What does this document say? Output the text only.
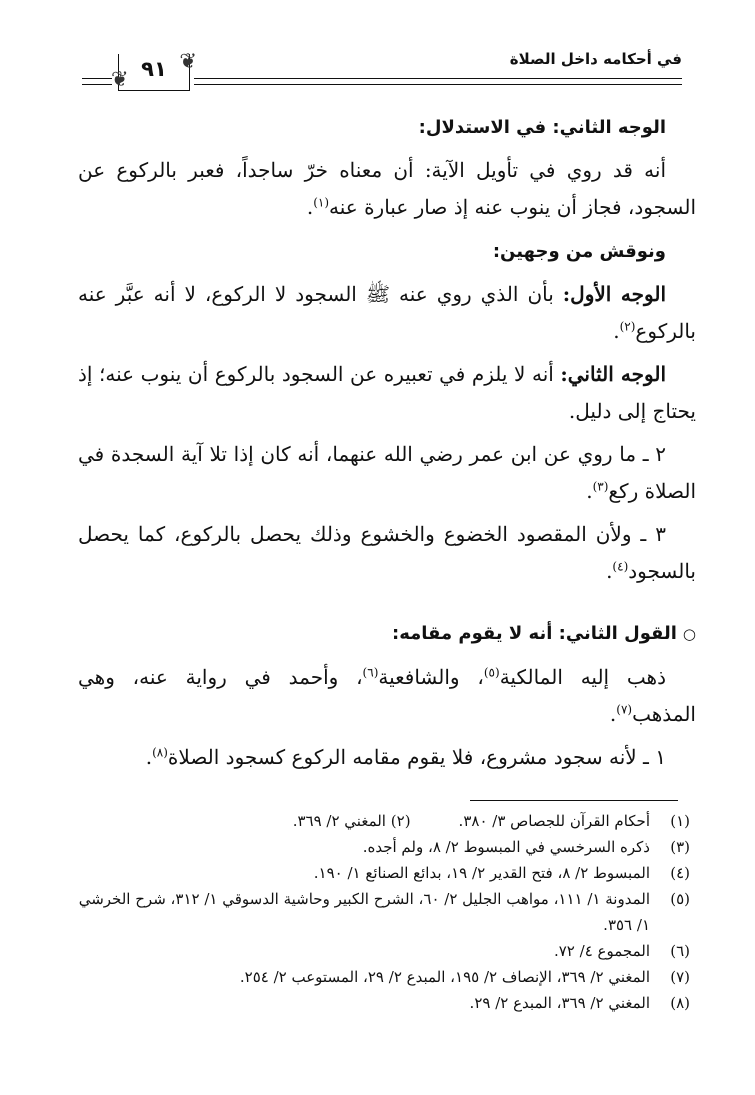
في أحكامه داخل الصلاة
٩١ ❦
❦

الوجه الثاني: في الاستدلال:

أنه قد روي في تأويل الآية: أن معناه خرّ ساجداً، فعبر بالركوع عن السجود، فجاز أن ينوب عنه إذ صار عبارة عنه$^{(١)}$.

ونوقش من وجهين:

الوجه الأول: بأن الذي روي عنه ﷺ السجود لا الركوع، لا أنه عبَّر عنه بالركوع$^{(٢)}$.

الوجه الثاني: أنه لا يلزم في تعبيره عن السجود بالركوع أن ينوب عنه؛ إذ يحتاج إلى دليل.

٢ ـ ما روي عن ابن عمر رضي الله عنهما، أنه كان إذا تلا آية السجدة في الصلاة ركع$^{(٣)}$.

٣ ـ ولأن المقصود الخضوع والخشوع وذلك يحصل بالركوع، كما يحصل بالسجود$^{(٤)}$.

○القول الثاني: أنه لا يقوم مقامه:

ذهب إليه المالكية$^{(٥)}$، والشافعية$^{(٦)}$، وأحمد في رواية عنه، وهي المذهب$^{(٧)}$.

١ ـ لأنه سجود مشروع، فلا يقوم مقامه الركوع كسجود الصلاة$^{(٨)}$.

(١)
أحكام القرآن للجصاص ٣/ ٣٨٠.(٢) المغني ٢/ ٣٦٩.

(٣)
ذكره السرخسي في المبسوط ٢/ ٨، ولم أجده.

(٤)
المبسوط ٢/ ٨، فتح القدير ٢/ ١٩، بدائع الصنائع ١/ ١٩٠.

(٥)
المدونة ١/ ١١١، مواهب الجليل ٢/ ٦٠، الشرح الكبير وحاشية الدسوقي ١/ ٣١٢، شرح الخرشي ١/ ٣٥٦.

(٦)
المجموع ٤/ ٧٢.

(٧)
المغني ٢/ ٣٦٩، الإنصاف ٢/ ١٩٥، المبدع ٢/ ٢٩، المستوعب ٢/ ٢٥٤.

(٨)
المغني ٢/ ٣٦٩، المبدع ٢/ ٢٩.
